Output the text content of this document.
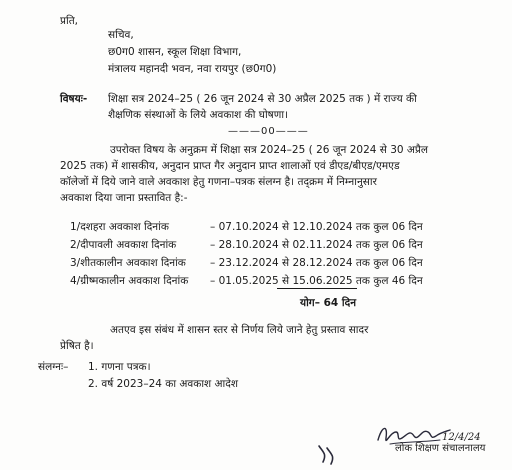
प्रति,
सचिव,
छ0ग0 शासन, स्कूल शिक्षा विभाग,
मंत्रालय महानदी भवन, नवा रायपुर (छ0ग0)
विषयः- शिक्षा सत्र 2024–25 ( 26 जून 2024 से 30 अप्रैल 2025 तक ) में राज्य की
शैक्षणिक संस्थाओं के लिये अवकाश की घोषणा।
———00———
उपरोक्त विषय के अनुक्रम में शिक्षा सत्र 2024–25 ( 26 जून 2024 से 30 अप्रैल
2025 तक) में शासकीय, अनुदान प्राप्त गैर अनुदान प्राप्त शालाओं एवं डीएड/बीएड/एमएड
कॉलेजों में दिये जाने वाले अवकाश हेतु गणना–पत्रक संलग्न है। तद्क्रम में निम्नानुसार
अवकाश दिया जाना प्रस्तावित है:-
1/दशहरा अवकाश दिनांक	– 07.10.2024 से 12.10.2024 तक कुल 06 दिन
2/दीपावली अवकाश दिनांक	– 28.10.2024 से 02.11.2024 तक कुल 06 दिन
3/शीतकालीन अवकाश दिनांक – 23.12.2024 से 28.12.2024 तक कुल 06 दिन
4/ग्रीष्मकालीन अवकाश दिनांक – 01.05.2025 से 15.06.2025 तक कुल 46 दिन
योग– 64 दिन
अतएव इस संबंध में शासन स्तर से निर्णय लिये जाने हेतु प्रस्ताव सादर
प्रेषित है।
संलग्नः– 1. गणना पत्रक।
2. वर्ष 2023–24 का अवकाश आदेश
12/4/24
लोक शिक्षण संचालनालय
